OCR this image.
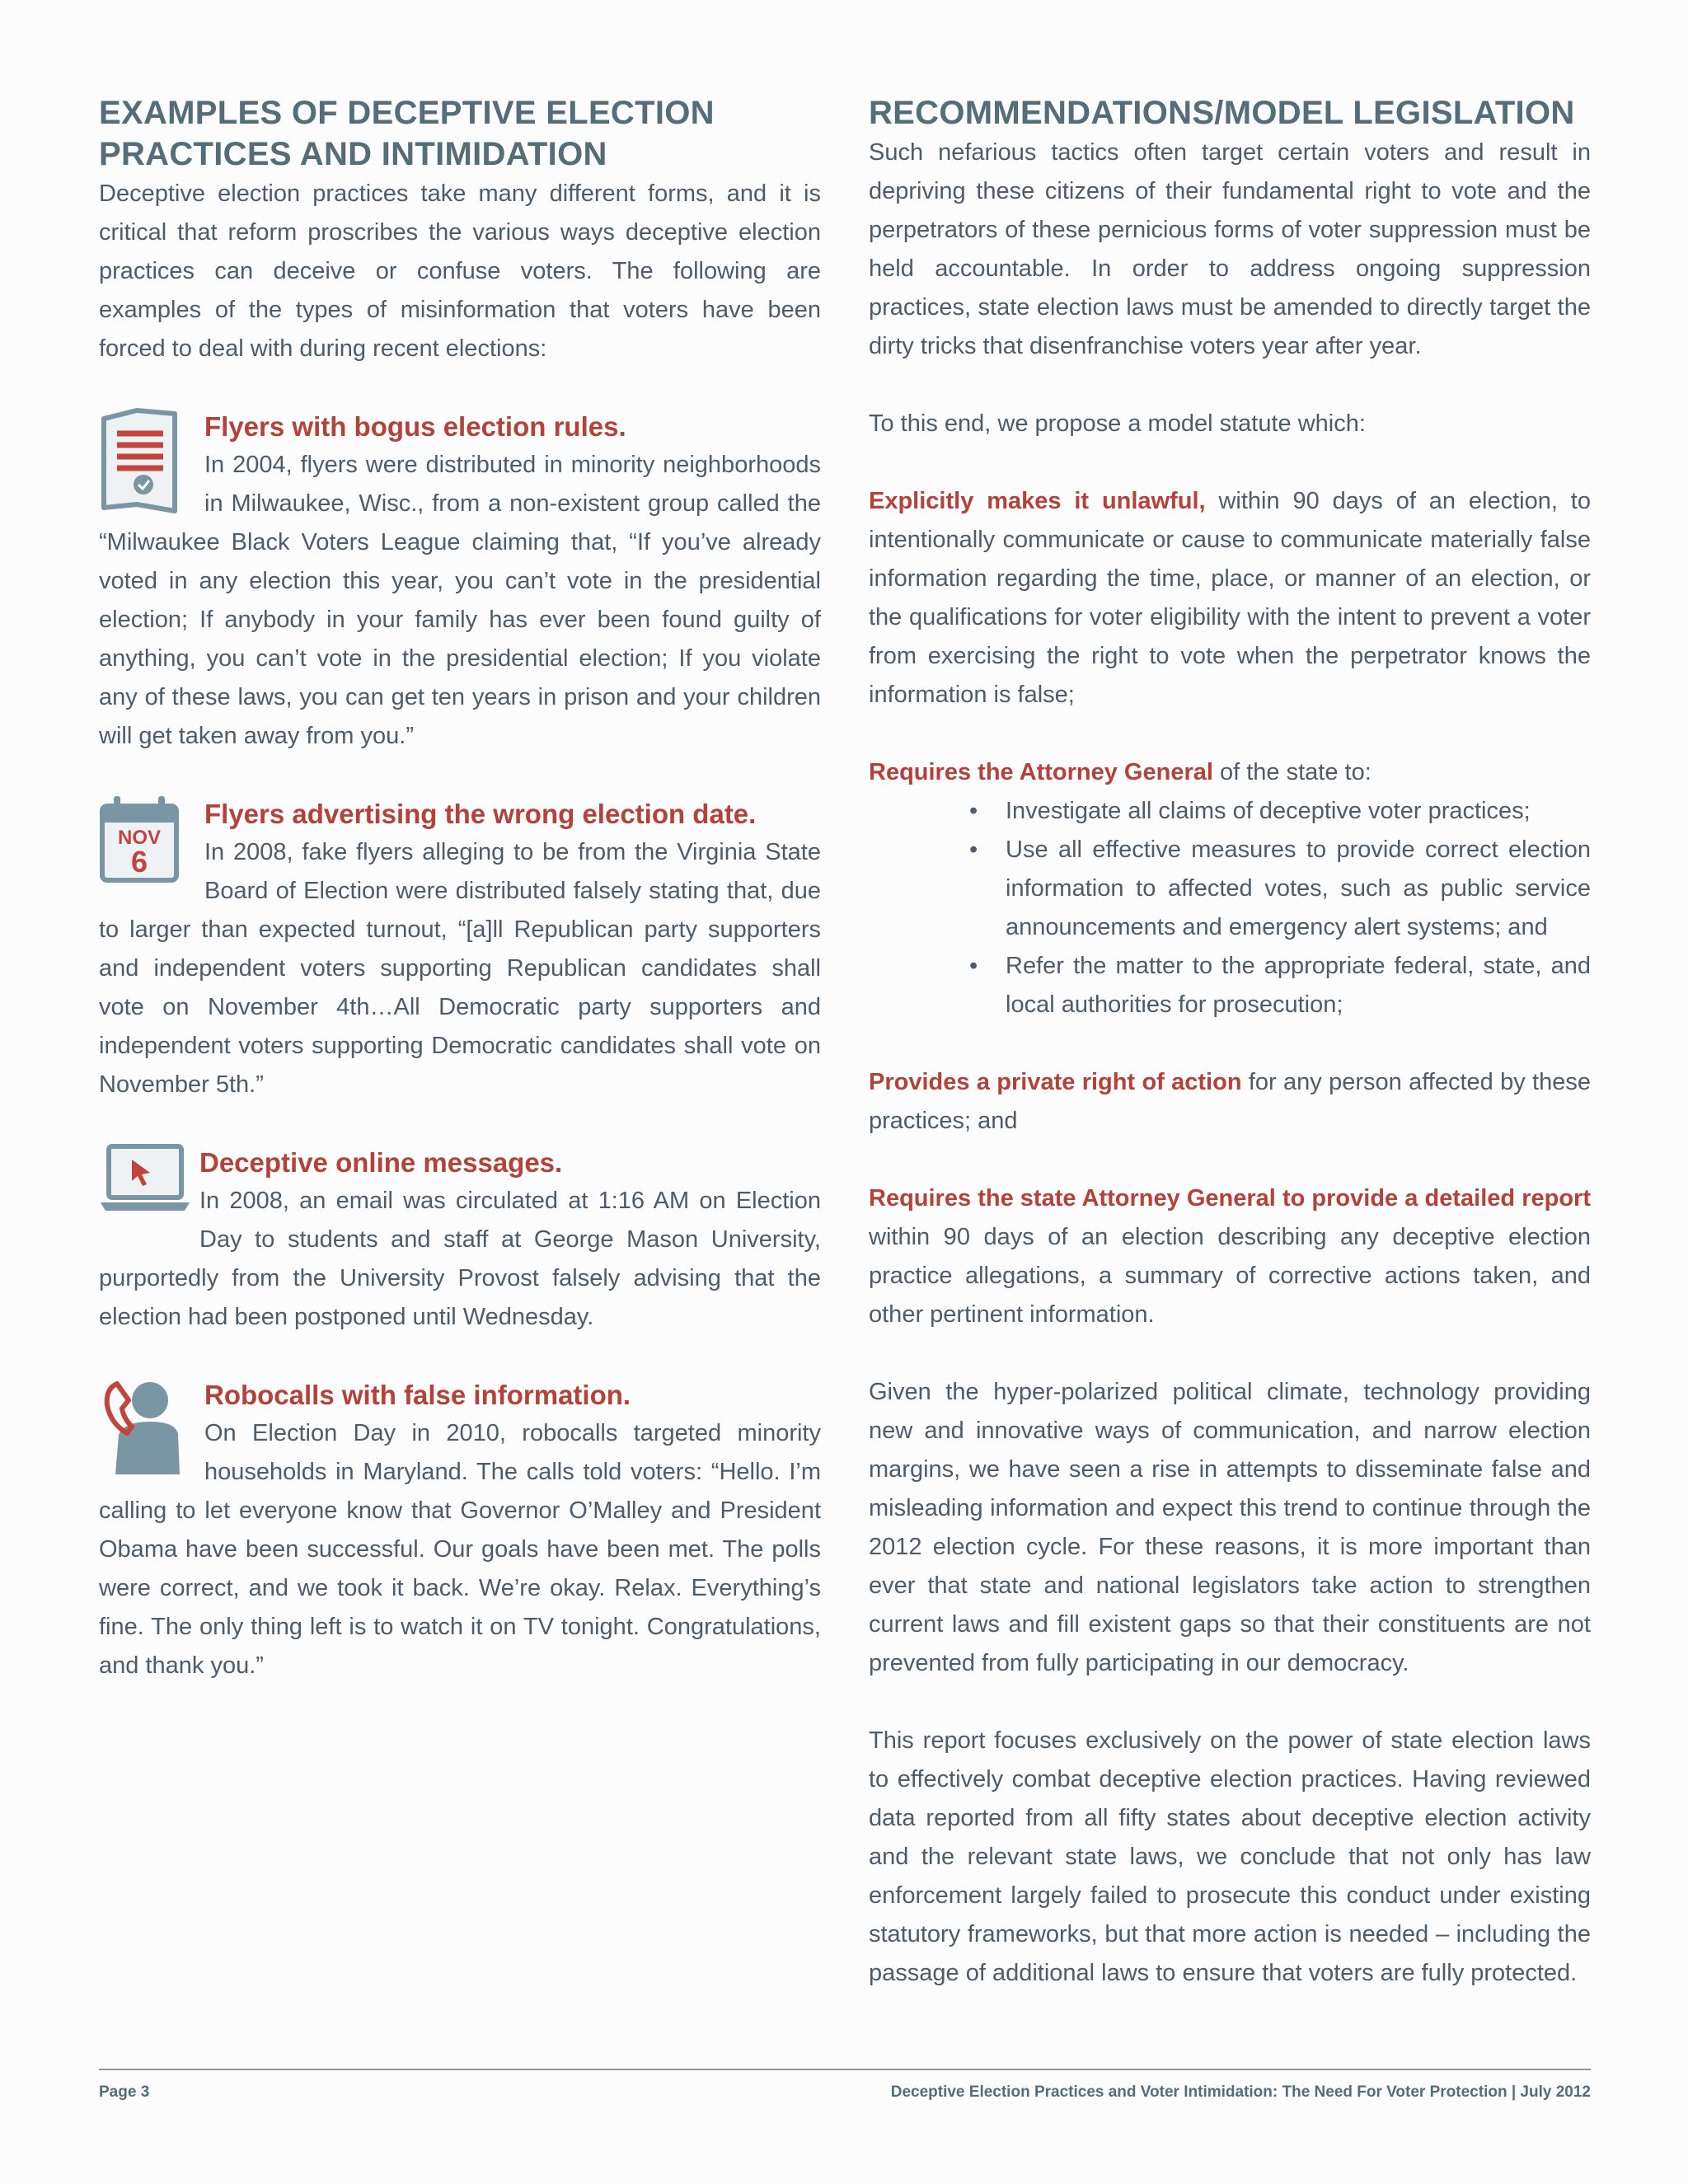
EXAMPLES OF DECEPTIVE ELECTION
PRACTICES AND INTIMIDATION

Deceptive election practices take many different forms, and it is critical that reform proscribes the various ways deceptive election practices can deceive or confuse voters. The following are examples of the types of misinformation that voters have been forced to deal with during recent elections:

Flyers with bogus election rules.

In 2004, flyers were distributed in minority neighborhoods in Milwaukee, Wisc., from a non-existent group called the “Milwaukee Black Voters League claiming that, “If you’ve already voted in any election this year, you can’t vote in the presidential election; If anybody in your family has ever been found guilty of anything, you can’t vote in the presidential election; If you violate any of these laws, you can get ten years in prison and your children will get taken away from you.”

NOV
6
Flyers advertising the wrong election date.

In 2008, fake flyers alleging to be from the Virginia State Board of Election were distributed falsely stating that, due to larger than expected turnout, “[a]ll Republican party supporters and independent voters supporting Republican candidates shall vote on November 4th…All Democratic party supporters and independent voters supporting Democratic candidates shall vote on November 5th.”

Deceptive online messages.

In 2008, an email was circulated at 1:16 AM on Election Day to students and staff at George Mason University, purportedly from the University Provost falsely advising that the election had been postponed until Wednesday.

Robocalls with false information.

On Election Day in 2010, robocalls targeted minority households in Maryland. The calls told voters: “Hello. I’m calling to let everyone know that Governor O’Malley and President Obama have been successful. Our goals have been met. The polls were correct, and we took it back. We’re okay. Relax. Everything’s fine. The only thing left is to watch it on TV tonight. Congratulations, and thank you.”

RECOMMENDATIONS/MODEL LEGISLATION

Such nefarious tactics often target certain voters and result in depriving these citizens of their fundamental right to vote and the perpetrators of these pernicious forms of voter suppression must be held accountable. In order to address ongoing suppression practices, state election laws must be amended to directly target the dirty tricks that disenfranchise voters year after year.

To this end, we propose a model statute which:

Explicitly makes it unlawful, within 90 days of an election, to intentionally communicate or cause to communicate materially false information regarding the time, place, or manner of an election, or the qualifications for voter eligibility with the intent to prevent a voter from exercising the right to vote when the perpetrator knows the information is false;

Requires the Attorney General of the state to:

• Investigate all claims of deceptive voter practices;
• Use all effective measures to provide correct election information to affected votes, such as public service announcements and emergency alert systems; and
• Refer the matter to the appropriate federal, state, and local authorities for prosecution;

Provides a private right of action for any person affected by these practices; and

Requires the state Attorney General to provide a detailed report within 90 days of an election describing any deceptive election practice allegations, a summary of corrective actions taken, and other pertinent information.

Given the hyper-polarized political climate, technology providing new and innovative ways of communication, and narrow election margins, we have seen a rise in attempts to disseminate false and misleading information and expect this trend to continue through the 2012 election cycle. For these reasons, it is more important than ever that state and national legislators take action to strengthen current laws and fill existent gaps so that their constituents are not prevented from fully participating in our democracy.

This report focuses exclusively on the power of state election laws to effectively combat deceptive election practices. Having reviewed data reported from all fifty states about deceptive election activity and the relevant state laws, we conclude that not only has law enforcement largely failed to prosecute this conduct under existing statutory frameworks, but that more action is needed – including the passage of additional laws to ensure that voters are fully protected.

Page 3	Deceptive Election Practices and Voter Intimidation: The Need For Voter Protection | July 2012
